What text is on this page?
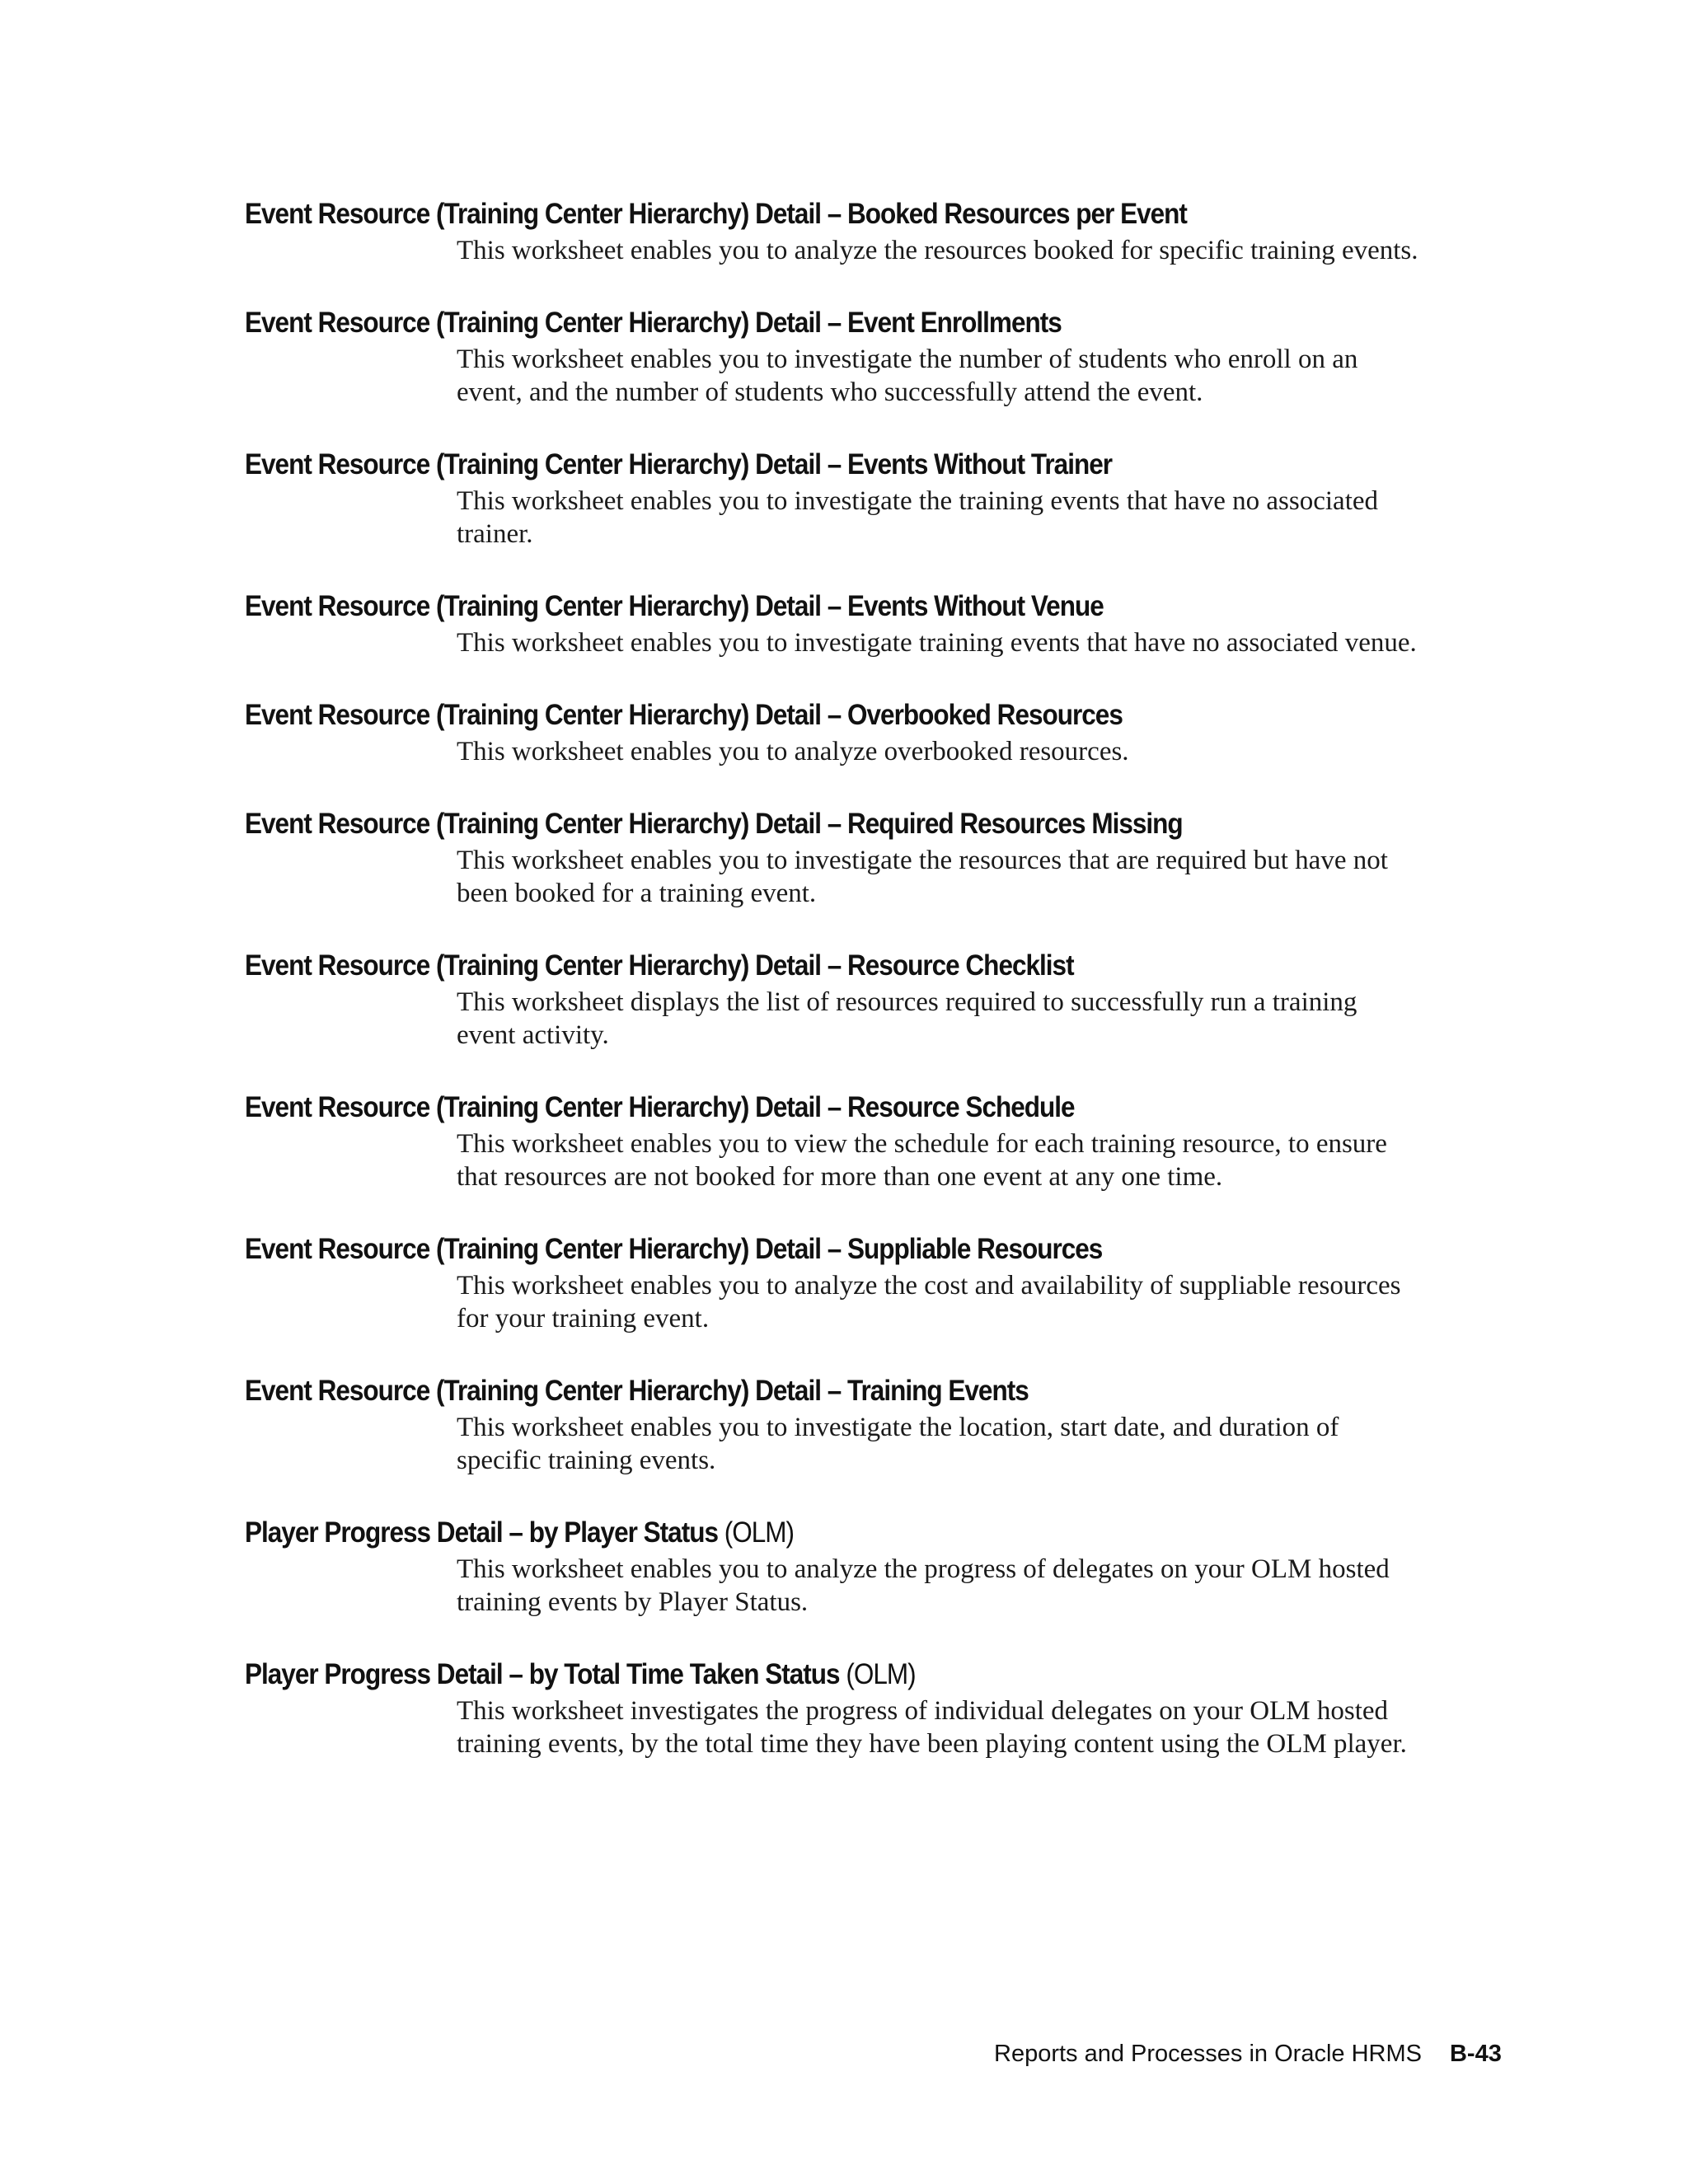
Event Resource (Training Center Hierarchy) Detail – Booked Resources per Event
This worksheet enables you to analyze the resources booked for specific training events.
Event Resource (Training Center Hierarchy) Detail – Event Enrollments
This worksheet enables you to investigate the number of students who enroll on an
event, and the number of students who successfully attend the event.
Event Resource (Training Center Hierarchy) Detail – Events Without Trainer
This worksheet enables you to investigate the training events that have no associated
trainer.
Event Resource (Training Center Hierarchy) Detail – Events Without Venue
This worksheet enables you to investigate training events that have no associated venue.
Event Resource (Training Center Hierarchy) Detail – Overbooked Resources
This worksheet enables you to analyze overbooked resources.
Event Resource (Training Center Hierarchy) Detail – Required Resources Missing
This worksheet enables you to investigate the resources that are required but have not
been booked for a training event.
Event Resource (Training Center Hierarchy) Detail – Resource Checklist
This worksheet displays the list of resources required to successfully run a training
event activity.
Event Resource (Training Center Hierarchy) Detail – Resource Schedule
This worksheet enables you to view the schedule for each training resource, to ensure
that resources are not booked for more than one event at any one time.
Event Resource (Training Center Hierarchy) Detail – Suppliable Resources
This worksheet enables you to analyze the cost and availability of suppliable resources
for your training event.
Event Resource (Training Center Hierarchy) Detail – Training Events
This worksheet enables you to investigate the location, start date, and duration of
specific training events.
Player Progress Detail – by Player Status (OLM)
This worksheet enables you to analyze the progress of delegates on your OLM hosted
training events by Player Status.
Player Progress Detail – by Total Time Taken Status (OLM)
This worksheet investigates the progress of individual delegates on your OLM hosted
training events, by the total time they have been playing content using the OLM player.
Reports and Processes in Oracle HRMS B-43
